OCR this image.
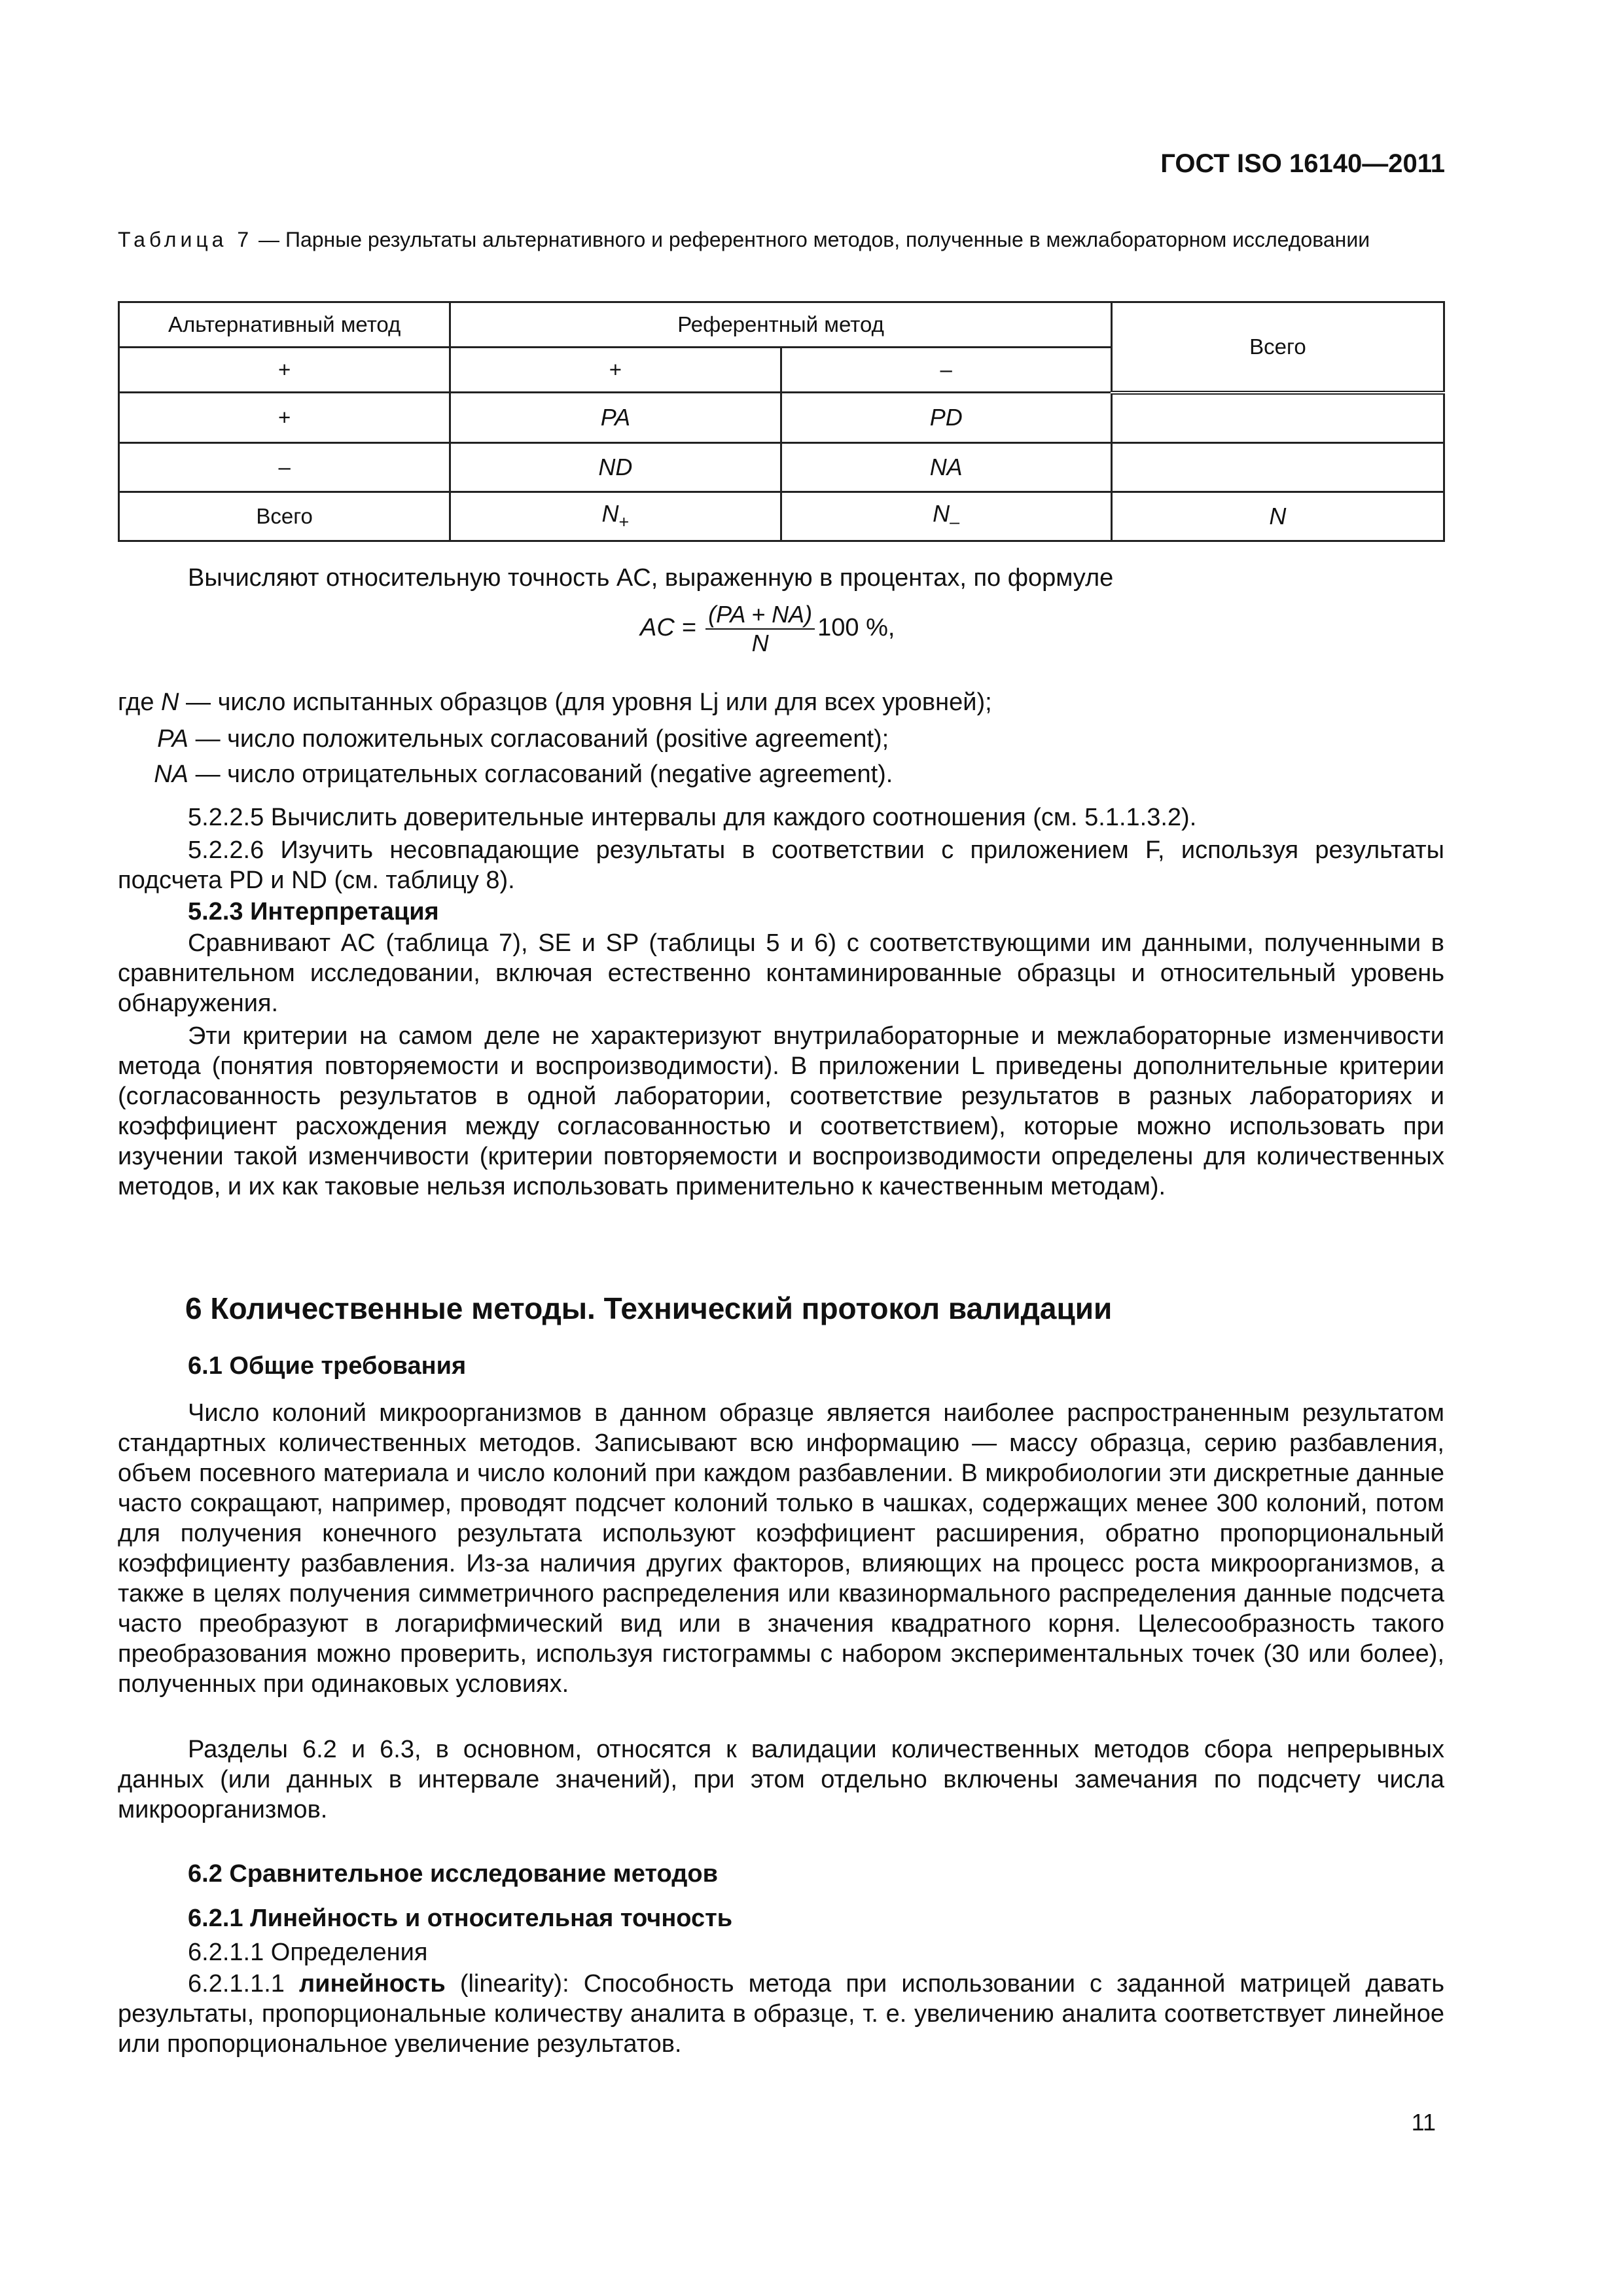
ГОСТ ISO 16140—2011
Таблица 7 — Парные результаты альтернативного и референтного методов, полученные в межлабораторном исследовании
Альтернативный метод	Референтный метод		Всего
+	+	–	
+	PA	PD	
–	ND	NA	
Всего	$N_+$	$N_-$	N
Вычисляют относительную точность AC, выраженную в процентах, по формуле
AC = $\frac{(PA + NA)}{N} 100$ %,
где N — число испытанных образцов (для уровня Lj или для всех уровней);
PA — число положительных согласований (positive agreement);
NA — число отрицательных согласований (negative agreement).
5.2.2.5 Вычислить доверительные интервалы для каждого соотношения (см. 5.1.1.3.2).
5.2.2.6 Изучить несовпадающие результаты в соответствии с приложением F, используя результаты подсчета PD и ND (см. таблицу 8).
5.2.3 Интерпретация
Сравнивают AC (таблица 7), SE и SP (таблицы 5 и 6) с соответствующими им данными, полученными в сравнительном исследовании, включая естественно контаминированные образцы и относительный уровень обнаружения.
Эти критерии на самом деле не характеризуют внутрилабораторные и межлабораторные изменчивости метода (понятия повторяемости и воспроизводимости). В приложении L приведены дополнительные критерии (согласованность результатов в одной лаборатории, соответствие результатов в разных лабораториях и коэффициент расхождения между согласованностью и соответствием), которые можно использовать при изучении такой изменчивости (критерии повторяемости и воспроизводимости определены для количественных методов, и их как таковые нельзя использовать применительно к качественным методам).
6 Количественные методы. Технический протокол валидации
6.1 Общие требования
Число колоний микроорганизмов в данном образце является наиболее распространенным результатом стандартных количественных методов. Записывают всю информацию — массу образца, серию разбавления, объем посевного материала и число колоний при каждом разбавлении. В микробиологии эти дискретные данные часто сокращают, например, проводят подсчет колоний только в чашках, содержащих менее 300 колоний, потом для получения конечного результата используют коэффициент расширения, обратно пропорциональный коэффициенту разбавления. Из-за наличия других факторов, влияющих на процесс роста микроорганизмов, а также в целях получения симметричного распределения или квазинормального распределения данные подсчета часто преобразуют в логарифмический вид или в значения квадратного корня. Целесообразность такого преобразования можно проверить, используя гистограммы с набором экспериментальных точек (30 или более), полученных при одинаковых условиях.
Разделы 6.2 и 6.3, в основном, относятся к валидации количественных методов сбора непрерывных данных (или данных в интервале значений), при этом отдельно включены замечания по подсчету числа микроорганизмов.
6.2 Сравнительное исследование методов
6.2.1 Линейность и относительная точность
6.2.1.1 Определения
6.2.1.1.1 линейность (linearity): Способность метода при использовании с заданной матрицей давать результаты, пропорциональные количеству аналита в образце, т. е. увеличению аналита соответствует линейное или пропорциональное увеличение результатов.
11
